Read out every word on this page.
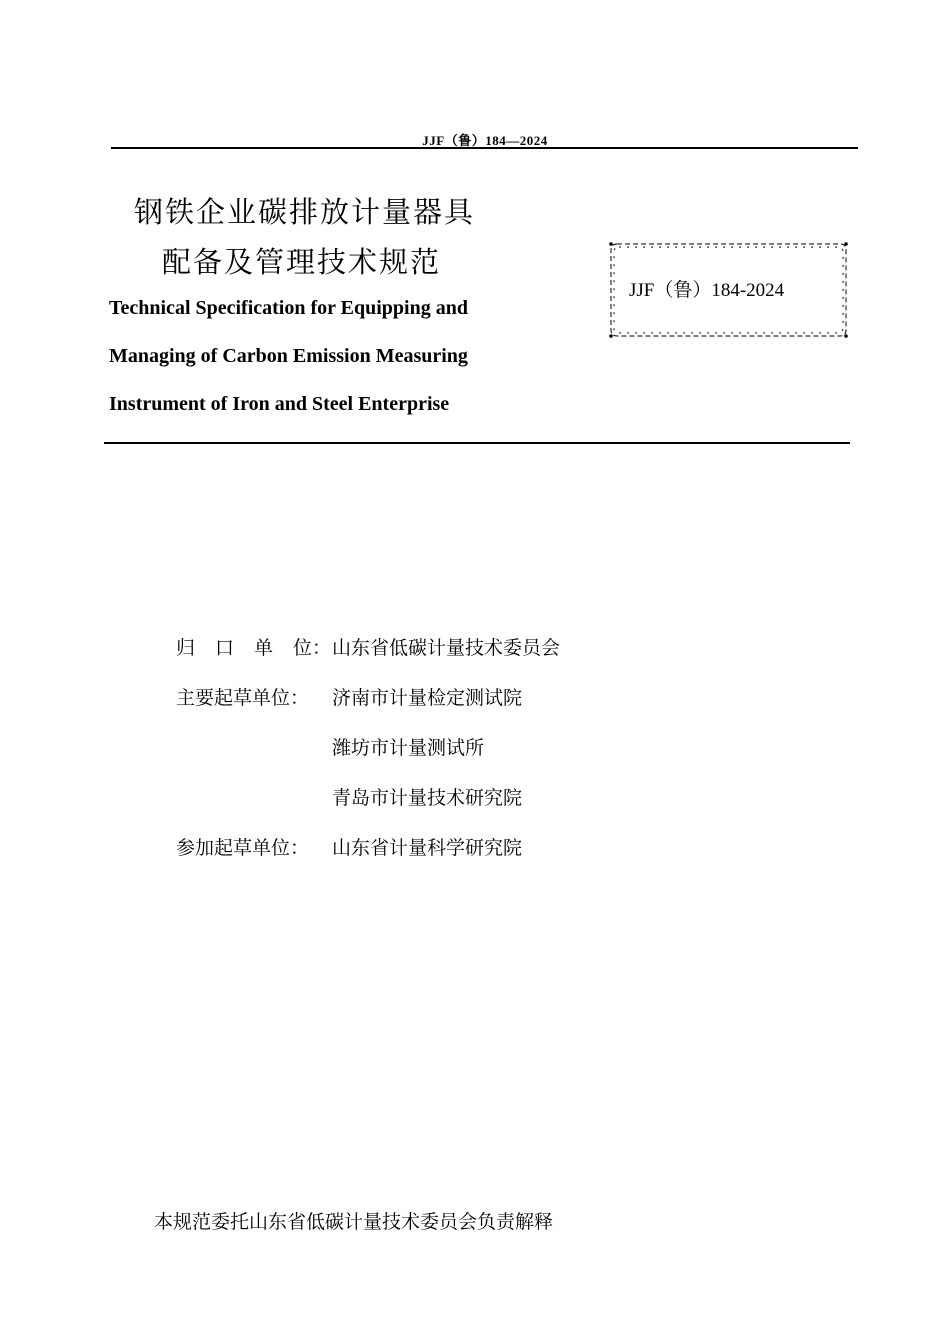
JJF（鲁）184—2024
钢铁企业碳排放计量器具
配备及管理技术规范
Technical Specification for Equipping and
Managing of Carbon Emission Measuring
Instrument of Iron and Steel Enterprise
JJF（鲁）184-2024
归 口 单 位 ： 山东省低碳计量技术委员会
主要起草单位： 济南市计量检定测试院
潍坊市计量测试所
青岛市计量技术研究院
参加起草单位： 山东省计量科学研究院
本规范委托山东省低碳计量技术委员会负责解释
